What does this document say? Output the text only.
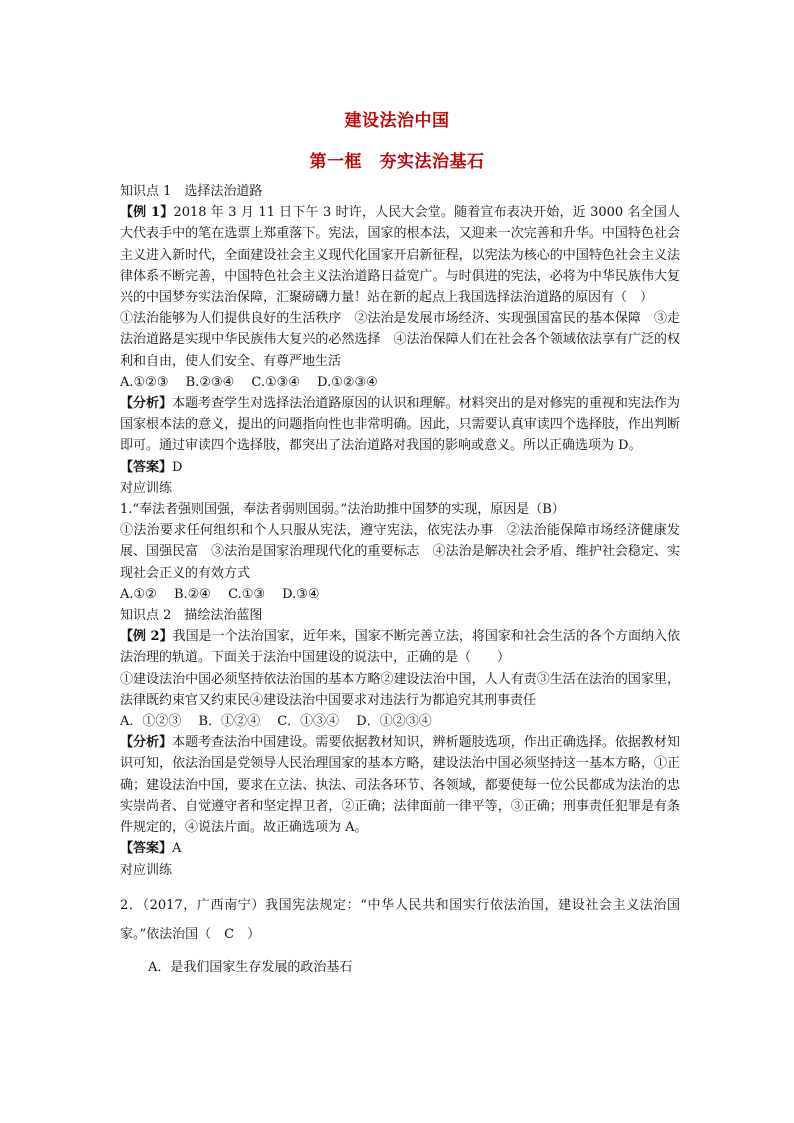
建设法治中国
第一框　夯实法治基石

知识点 1　选择法治道路

【例 1】2018 年 3 月 11 日下午 3 时许，人民大会堂。随着宣布表决开始，近 3000 名全国人大代表手中的笔在选票上郑重落下。宪法，国家的根本法，又迎来一次完善和升华。中国特色社会主义进入新时代，全面建设社会主义现代化国家开启新征程，以宪法为核心的中国特色社会主义法律体系不断完善，中国特色社会主义法治道路日益宽广。与时俱进的宪法，必将为中华民族伟大复兴的中国梦夯实法治保障，汇聚磅礴力量！站在新的起点上我国选择法治道路的原因有（　）

①法治能够为人们提供良好的生活秩序　②法治是发展市场经济、实现强国富民的基本保障　③走法治道路是实现中华民族伟大复兴的必然选择　④法治保障人们在社会各个领域依法享有广泛的权利和自由，使人们安全、有尊严地生活

A.①②③　 B.②③④　 C.①③④　 D.①②③④

【分析】本题考查学生对选择法治道路原因的认识和理解。材料突出的是对修宪的重视和宪法作为国家根本法的意义，提出的问题指向性也非常明确。因此，只需要认真审读四个选择肢，作出判断即可。通过审读四个选择肢，都突出了法治道路对我国的影响或意义。所以正确选项为 D。

【答案】D

对应训练

1.“奉法者强则国强，奉法者弱则国弱。”法治助推中国梦的实现，原因是（B）

①法治要求任何组织和个人只服从宪法，遵守宪法，依宪法办事　②法治能保障市场经济健康发展、国强民富　③法治是国家治理现代化的重要标志　④法治是解决社会矛盾、维护社会稳定、实现社会正义的有效方式

A.①②　 B.②④　 C.①③　 D.③④

知识点 2　描绘法治蓝图

【例 2】我国是一个法治国家，近年来，国家不断完善立法，将国家和社会生活的各个方面纳入依法治理的轨道。下面关于法治中国建设的说法中，正确的是（　　）

①建设法治中国必须坚持依法治国的基本方略②建设法治中国，人人有责③生活在法治的国家里，法律既约束官又约束民④建设法治中国要求对违法行为都追究其刑事责任

A．①②③　 B．①②④　 C．①③④　 D．①②③④

【分析】本题考查法治中国建设。需要依据教材知识，辨析题肢选项，作出正确选择。依据教材知识可知，依法治国是党领导人民治理国家的基本方略，建设法治中国必须坚持这一基本方略，①正确；建设法治中国，要求在立法、执法、司法各环节、各领域，都要使每一位公民都成为法治的忠实崇尚者、自觉遵守者和坚定捍卫者，②正确；法律面前一律平等，③正确；刑事责任犯罪是有条件规定的，④说法片面。故正确选项为 A。

【答案】A

对应训练

2．（2017，广西南宁）我国宪法规定：“中华人民共和国实行依法治国，建设社会主义法治国家。”依法治国（　C　）

A．是我们国家生存发展的政治基石
